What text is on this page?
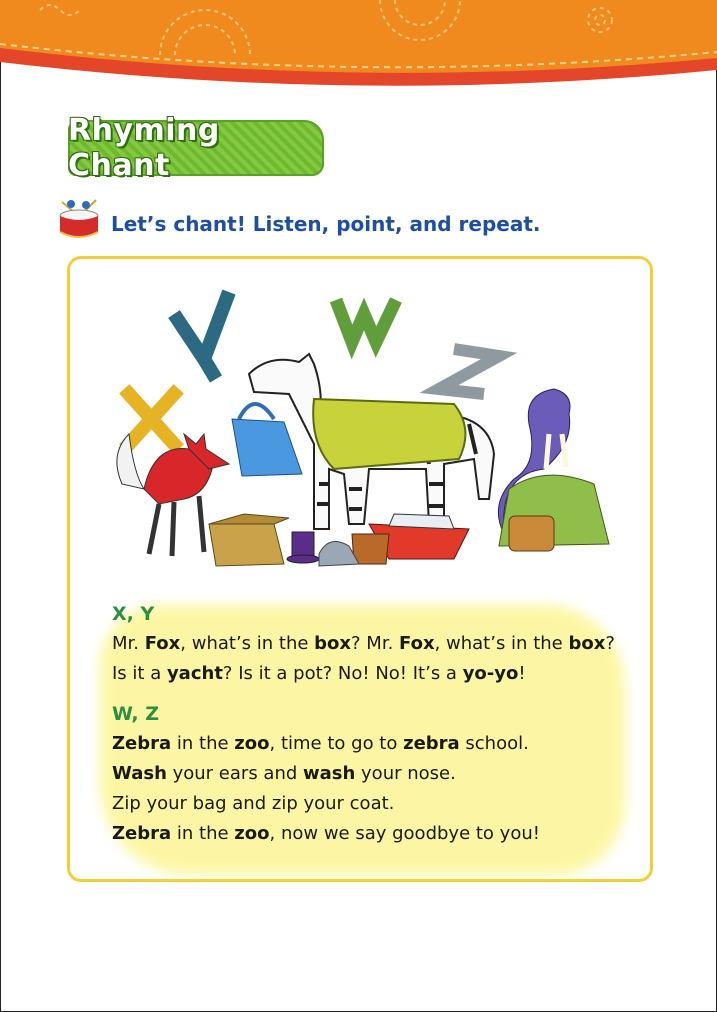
Rhyming Chant
Let’s chant! Listen, point, and repeat.
X, Y
Mr. Fox, what’s in the box? Mr. Fox, what’s in the box?
Is it a yacht? Is it a pot? No! No! It’s a yo-yo!
W, Z
Zebra in the zoo, time to go to zebra school.
Wash your ears and wash your nose.
Zip your bag and zip your coat.
Zebra in the zoo, now we say goodbye to you!
